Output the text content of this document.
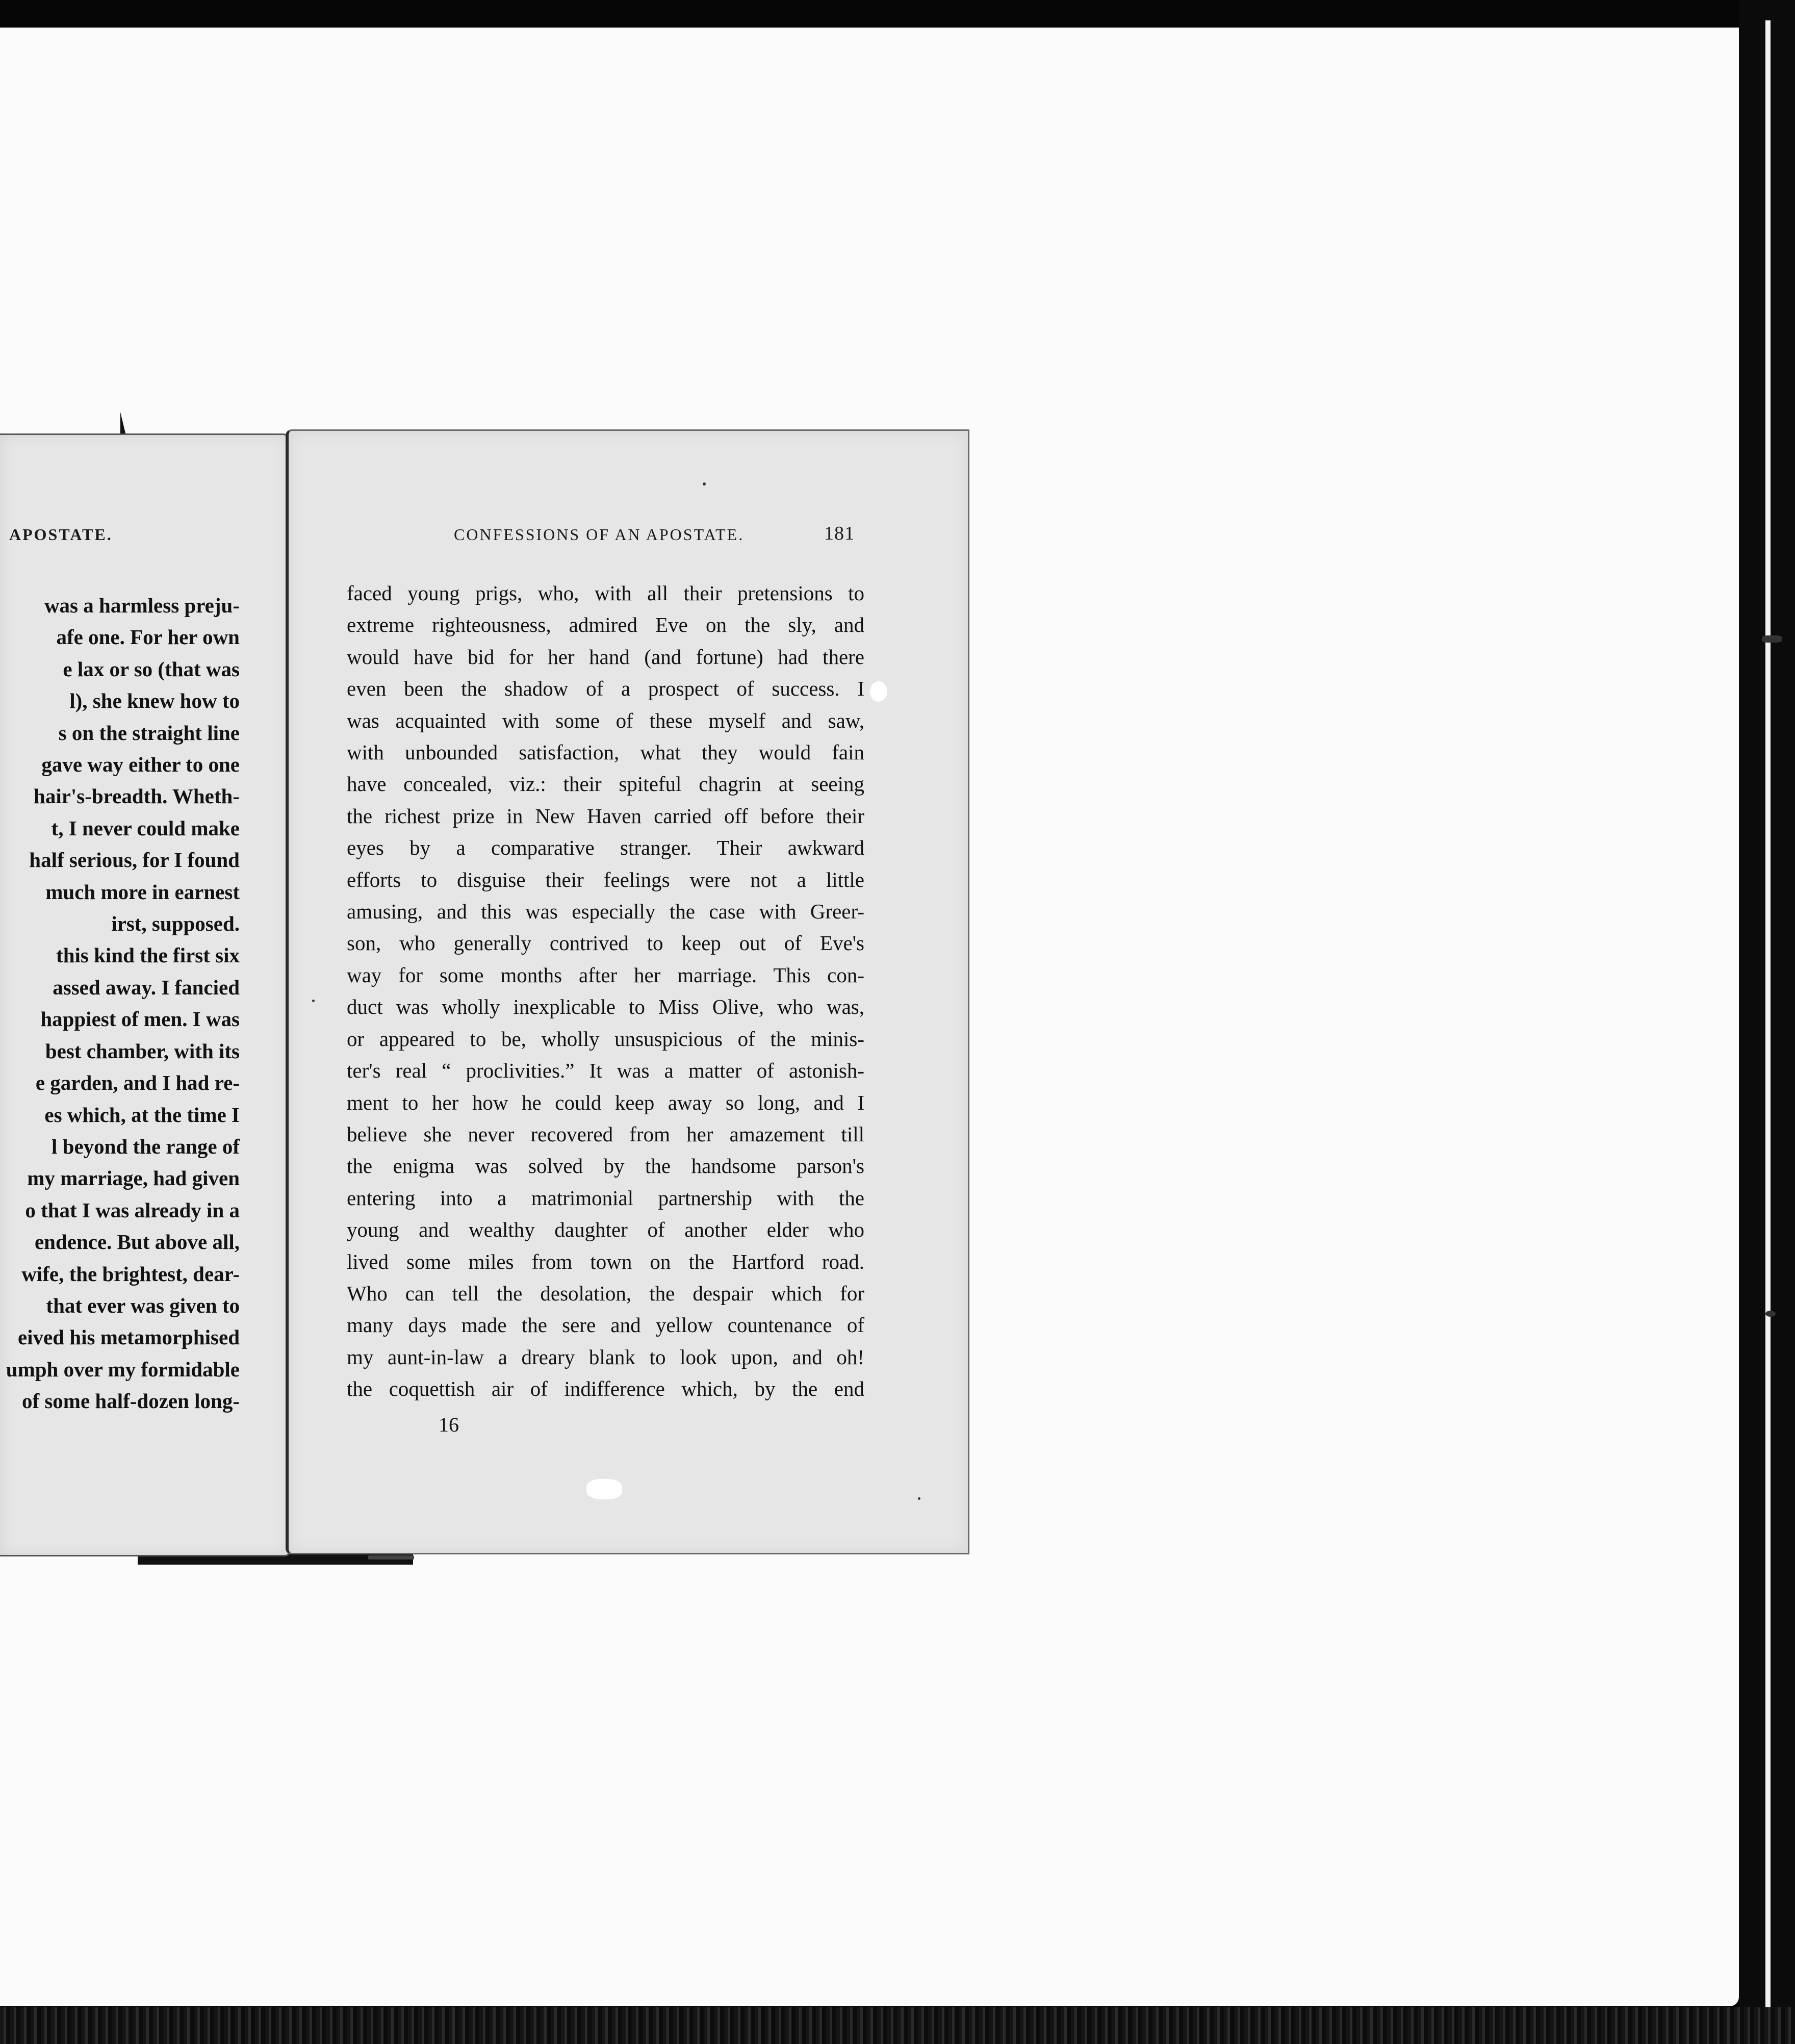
APOSTATE.	CONFESSIONS OF AN APOSTATE.	181
was a harmless preju-
afe one. For her own
e lax or so (that was
l), she knew how to
s on the straight line
gave way either to one
hair's-breadth. Wheth-
t, I never could make
half serious, for I found
much more in earnest
irst, supposed.
this kind the first six
assed away. I fancied
happiest of men. I was
best chamber, with its
e garden, and I had re-
es which, at the time I
l beyond the range of
my marriage, had given
o that I was already in a
endence. But above all,
wife, the brightest, dear-
that ever was given to
eived his metamorphised
umph over my formidable
of some half-dozen long-
faced young prigs, who, with all their pretensions to
extreme righteousness, admired Eve on the sly, and
would have bid for her hand (and fortune) had there
even been the shadow of a prospect of success. I
was acquainted with some of these myself and saw,
with unbounded satisfaction, what they would fain
have concealed, viz.: their spiteful chagrin at seeing
the richest prize in New Haven carried off before their
eyes by a comparative stranger. Their awkward
efforts to disguise their feelings were not a little
amusing, and this was especially the case with Greer-
son, who generally contrived to keep out of Eve's
way for some months after her marriage. This con-
duct was wholly inexplicable to Miss Olive, who was,
or appeared to be, wholly unsuspicious of the minis-
ter's real “ proclivities.” It was a matter of astonish-
ment to her how he could keep away so long, and I
believe she never recovered from her amazement till
the enigma was solved by the handsome parson's
entering into a matrimonial partnership with the
young and wealthy daughter of another elder who
lived some miles from town on the Hartford road.
Who can tell the desolation, the despair which for
many days made the sere and yellow countenance of
my aunt-in-law a dreary blank to look upon, and oh!
the coquettish air of indifference which, by the end
16
